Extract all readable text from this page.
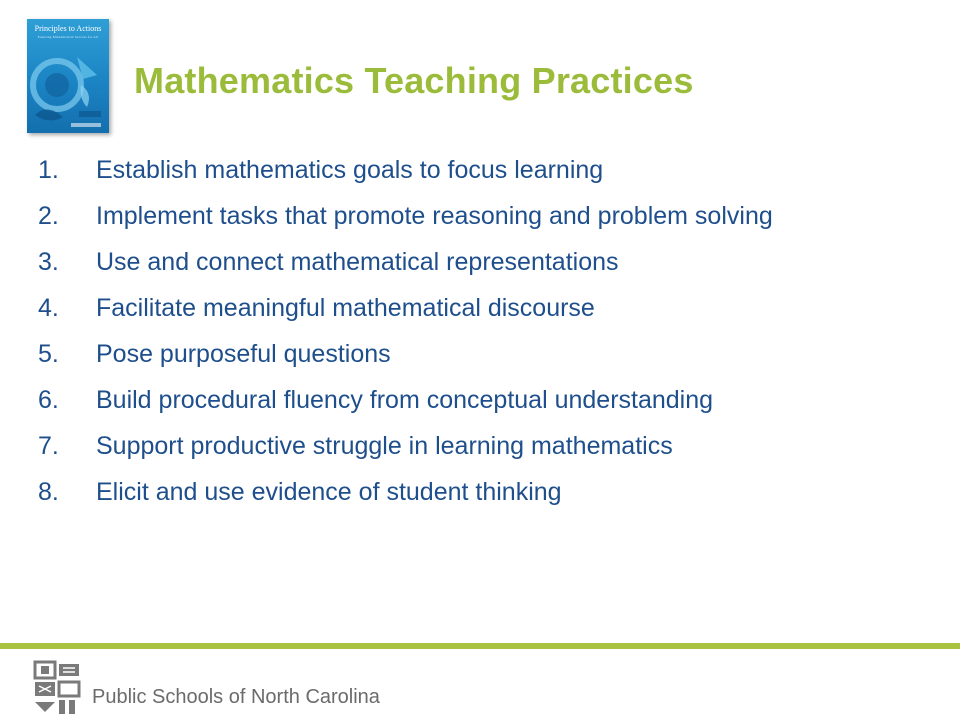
Principles to Actions
Ensuring Mathematical Success for All
Mathematics Teaching Practices
1.	Establish mathematics goals to focus learning
2.	Implement tasks that promote reasoning and problem solving
3.	Use and connect mathematical representations
4.	Facilitate meaningful mathematical discourse
5.	Pose purposeful questions
6.	Build procedural fluency from conceptual understanding
7.	Support productive struggle in learning mathematics
8.	Elicit and use evidence of student thinking
Public Schools of North Carolina
